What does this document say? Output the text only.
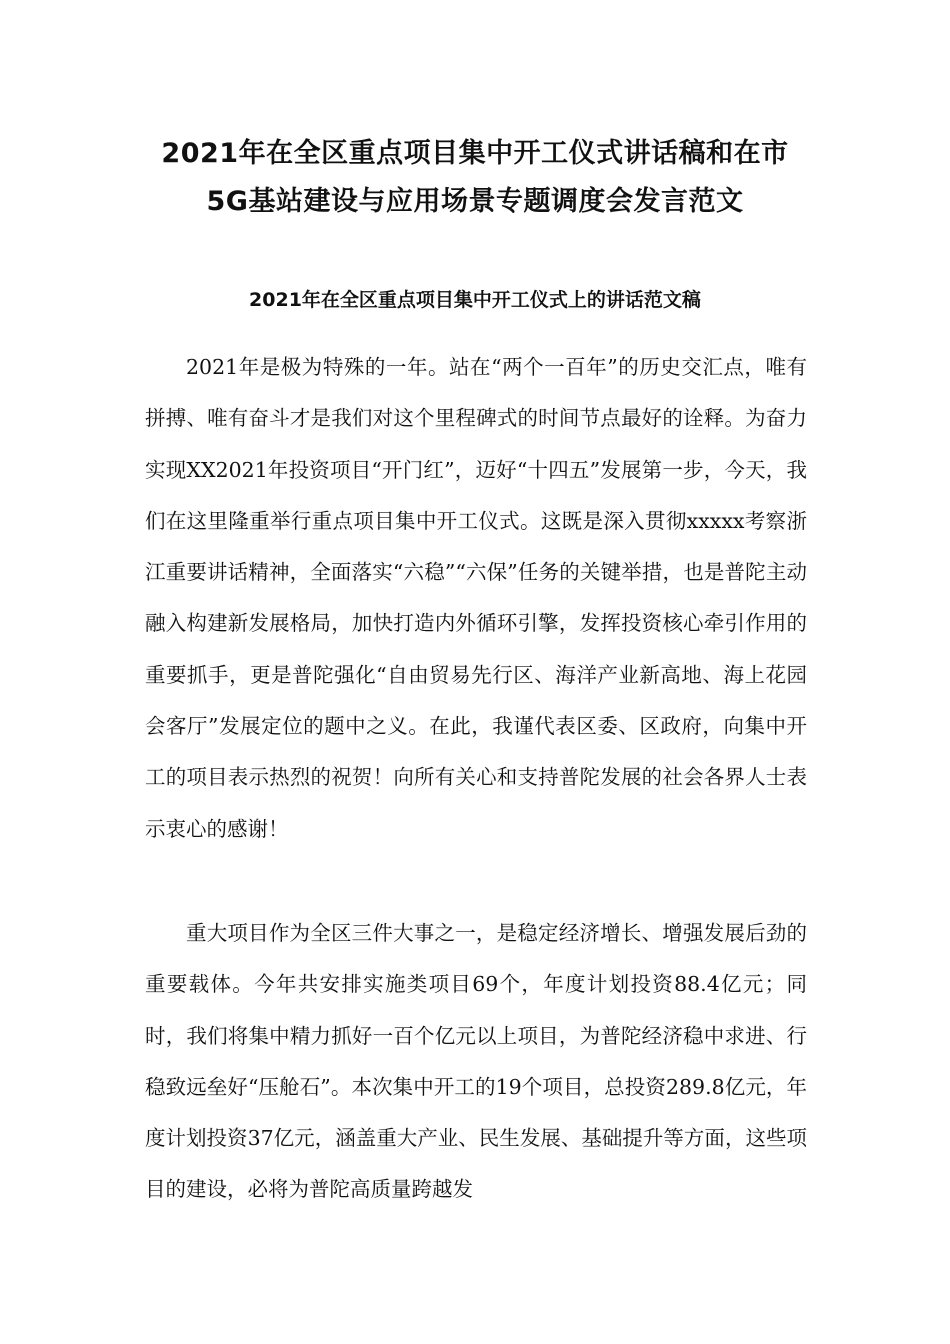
2021年在全区重点项目集中开工仪式讲话稿和在市
5G基站建设与应用场景专题调度会发言范文
2021年在全区重点项目集中开工仪式上的讲话范文稿

2021年是极为特殊的一年。站在“两个一百年”的历史交汇点，唯有拼搏、唯有奋斗才是我们对这个里程碑式的时间节点最好的诠释。为奋力实现XX2021年投资项目“开门红”，迈好“十四五”发展第一步，今天，我们在这里隆重举行重点项目集中开工仪式。这既是深入贯彻xxxxx考察浙江重要讲话精神，全面落实“六稳”“六保”任务的关键举措，也是普陀主动融入构建新发展格局，加快打造内外循环引擎，发挥投资核心牵引作用的重要抓手，更是普陀强化“自由贸易先行区、海洋产业新高地、海上花园会客厅”发展定位的题中之义。在此，我谨代表区委、区政府，向集中开工的项目表示热烈的祝贺！向所有关心和支持普陀发展的社会各界人士表示衷心的感谢！

重大项目作为全区三件大事之一，是稳定经济增长、增强发展后劲的重要载体。今年共安排实施类项目69个，年度计划投资88.4亿元；同时，我们将集中精力抓好一百个亿元以上项目，为普陀经济稳中求进、行稳致远垒好“压舱石”。本次集中开工的19个项目，总投资289.8亿元，年度计划投资37亿元，涵盖重大产业、民生发展、基础提升等方面，这些项目的建设，必将为普陀高质量跨越发
